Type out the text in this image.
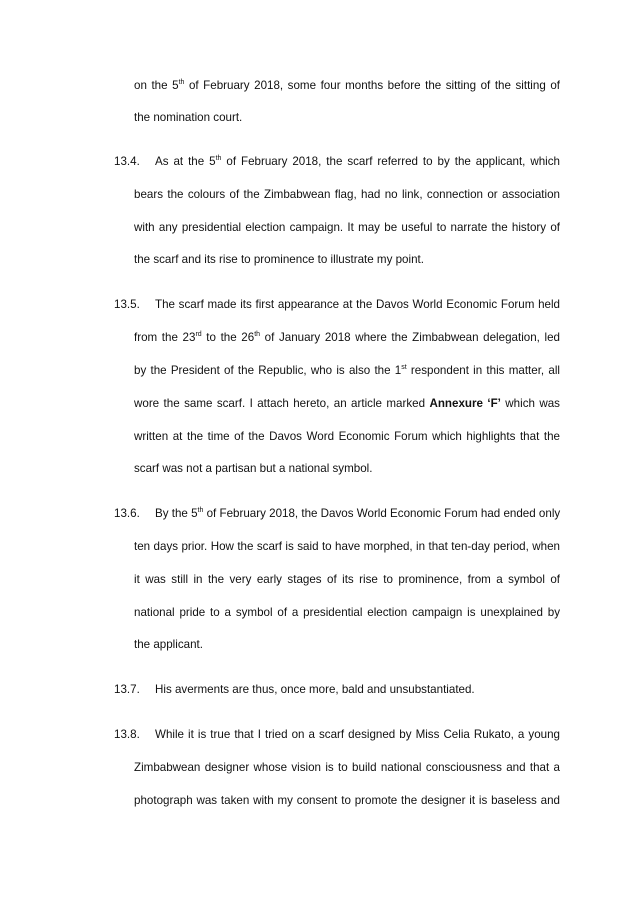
on the 5th of February 2018, some four months before the sitting of the sitting of
the nomination court.
13.4. As at the 5th of February 2018, the scarf referred to by the applicant, which
bears the colours of the Zimbabwean flag, had no link, connection or association
with any presidential election campaign. It may be useful to narrate the history of
the scarf and its rise to prominence to illustrate my point.
13.5. The scarf made its first appearance at the Davos World Economic Forum held
from the 23rd to the 26th of January 2018 where the Zimbabwean delegation, led
by the President of the Republic, who is also the 1st respondent in this matter, all
wore the same scarf. I attach hereto, an article marked Annexure ‘F’ which was
written at the time of the Davos Word Economic Forum which highlights that the
scarf was not a partisan but a national symbol.
13.6. By the 5th of February 2018, the Davos World Economic Forum had ended only
ten days prior. How the scarf is said to have morphed, in that ten-day period, when
it was still in the very early stages of its rise to prominence, from a symbol of
national pride to a symbol of a presidential election campaign is unexplained by
the applicant.
13.7. His averments are thus, once more, bald and unsubstantiated.
13.8. While it is true that I tried on a scarf designed by Miss Celia Rukato, a young
Zimbabwean designer whose vision is to build national consciousness and that a
photograph was taken with my consent to promote the designer it is baseless and
